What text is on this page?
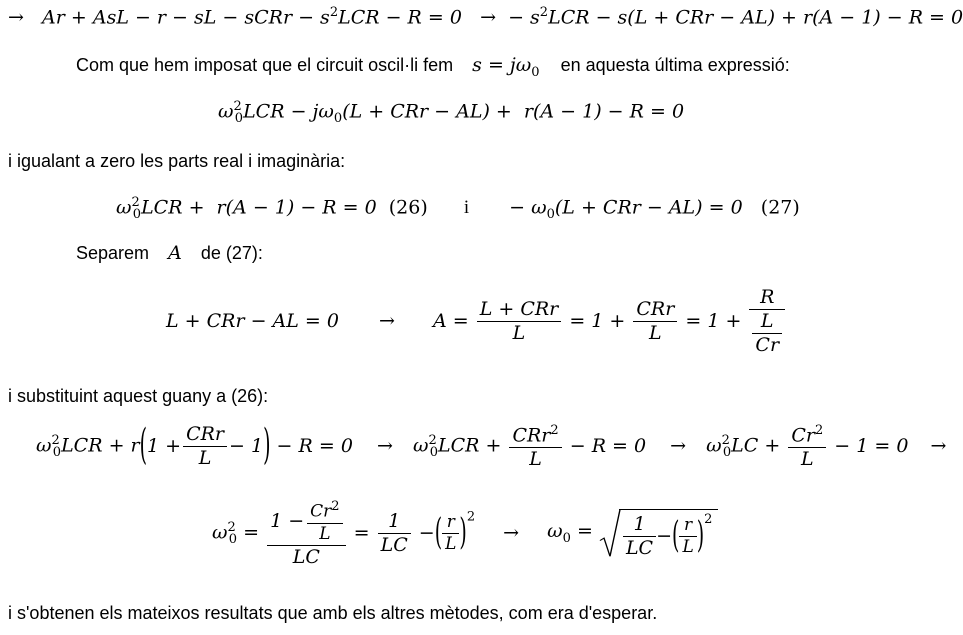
→   Ar + AsL − r − sL − sCRr − $s^2LCR - R = 0$   →  − $s^2LCR - s(L$ + CRr − AL) + r(A − 1) − R = 0
Com que hem imposat que el circuit oscil·li fem $s = j\omega_0$ en aquesta última expressió:
$\omega^2_0LCR - j\omega_0(L$ + CRr − AL) +  r(A − 1) − R = 0
i igualant a zero les parts real i imaginària:
$\omega^2_0LCR + r(A - 1) - R = 0$  (26) $i - \omega_0(L$ + CRr − AL) = 0   (27)
Separem A de (27):
L + CRr − AL = $0 \to A = \frac{\text{L + CRr}}{L} = 1 + \frac{\text{CRr}}{L} = 1 + \frac{R}{\frac{L}{Cr}}$
i substituint aquest guany a (26):
$\omega^2_0LCR + r(1 + \frac{\text{CRr}}{L} - 1) - R = 0 \to \omega^2_0LCR + \frac{CRr^2}{L} - R = 0 \to \omega^2_0LC + \frac{Cr^2}{L} - 1 = 0$ →
$\omega^2_0 = \frac{1 - \frac{Cr^2}{L}}{LC} = \frac{1}{LC}$ −( $\frac{r}{L} )^2 \to \omega_0 = \frac{1}{LC}$ −( $\frac{r}{L} )^2$
i s'obtenen els mateixos resultats que amb els altres mètodes, com era d'esperar.
